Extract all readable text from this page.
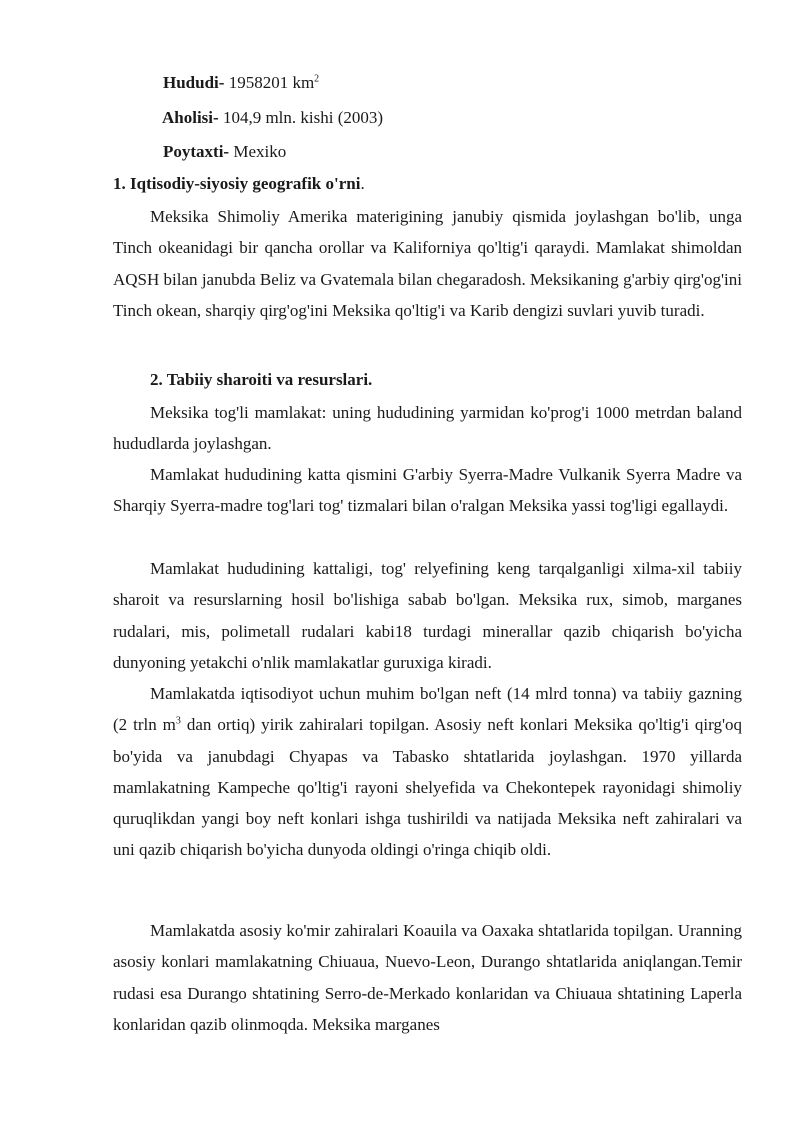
Hududi- 1958201 $km^2$
Aholisi- 104,9 mln. kishi (2003)
Poytaxti- Mexiko
1. Iqtisodiy-siyosiy geografik o'rni.

Meksika Shimoliy Amerika materigining janubiy qismida joylashgan bo'lib, unga Tinch okeanidagi bir qancha orollar va Kaliforniya qo'ltig'i qaraydi. Mamlakat shimoldan AQSH bilan janubda Beliz va Gvatemala bilan chegaradosh. Meksikaning g'arbiy qirg'og'ini Tinch okean, sharqiy qirg'og'ini Meksika qo'ltig'i va Karib dengizi suvlari yuvib turadi.

2. Tabiiy sharoiti va resurslari.

Meksika tog'li mamlakat: uning hududining yarmidan ko'prog'i 1000 metrdan baland hududlarda joylashgan.

Mamlakat hududining katta qismini G'arbiy Syerra-Madre Vulkanik Syerra Madre va Sharqiy Syerra-madre tog'lari tog' tizmalari bilan o'ralgan Meksika yassi tog'ligi egallaydi.

Mamlakat hududining kattaligi, tog' relyefining keng tarqalganligi xilma-xil tabiiy sharoit va resurslarning hosil bo'lishiga sabab bo'lgan. Meksika rux, simob, marganes rudalari, mis, polimetall rudalari kabi18 turdagi minerallar qazib chiqarish bo'yicha dunyoning yetakchi o'nlik mamlakatlar guruxiga kiradi.

Mamlakatda iqtisodiyot uchun muhim bo'lgan neft (14 mlrd tonna) va tabiiy gazning (2 trln $m^3$ dan ortiq) yirik zahiralari topilgan. Asosiy neft konlari Meksika qo'ltig'i qirg'oq bo'yida va janubdagi Chyapas va Tabasko shtatlarida joylashgan. 1970 yillarda mamlakatning Kampeche qo'ltig'i rayoni shelyefida va Chekontepek rayonidagi shimoliy quruqlikdan yangi boy neft konlari ishga tushirildi va natijada Meksika neft zahiralari va uni qazib chiqarish bo'yicha dunyoda oldingi o'ringa chiqib oldi.

Mamlakatda asosiy ko'mir zahiralari Koauila va Oaxaka shtatlarida topilgan. Uranning asosiy konlari mamlakatning Chiuaua, Nuevo-Leon, Durango shtatlarida aniqlangan.Temir rudasi esa Durango shtatining Serro-de-Merkado konlaridan va Chiuaua shtatining Laperla konlaridan qazib olinmoqda. Meksika marganes
